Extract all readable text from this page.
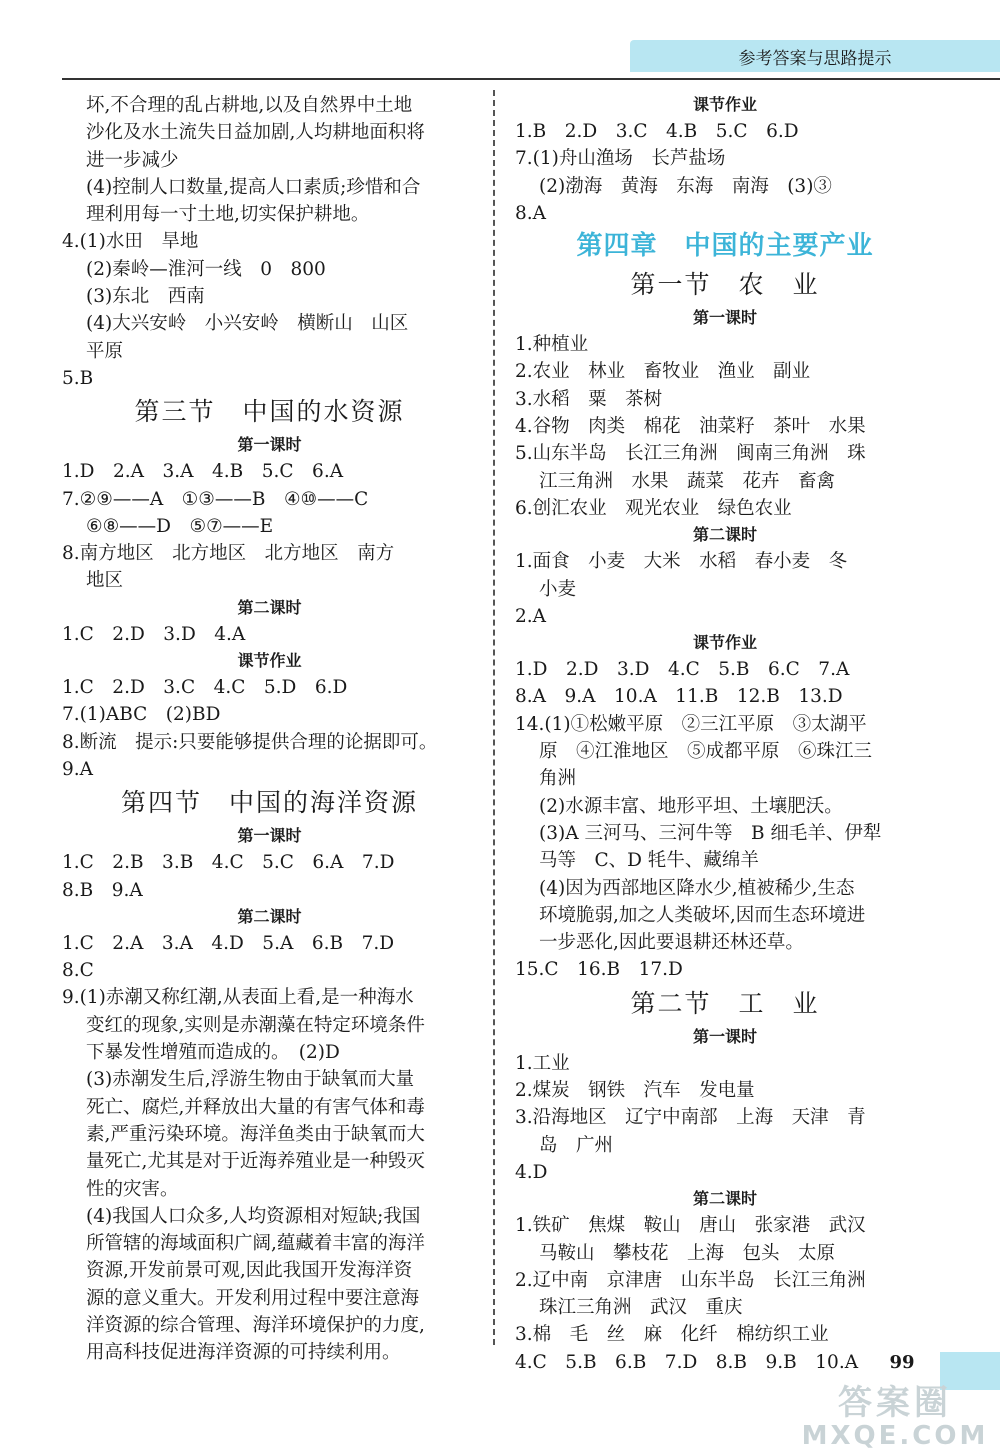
参考答案与思路提示
坏,不合理的乱占耕地,以及自然界中土地
沙化及水土流失日益加剧,人均耕地面积将
进一步减少
(4)控制人口数量,提高人口素质;珍惜和合
理利用每一寸土地,切实保护耕地。
4.(1)水田　旱地
(2)秦岭—淮河一线　0　800
(3)东北　西南
(4)大兴安岭　小兴安岭　横断山　山区
平原
5.B
第三节　中国的水资源
第一课时
1.D　2.A　3.A　4.B　5.C　6.A
7.②⑨——A　①③——B　④⑩——C
⑥⑧——D　⑤⑦——E
8.南方地区　北方地区　北方地区　南方
地区
第二课时
1.C　2.D　3.D　4.A
课节作业
1.C　2.D　3.C　4.C　5.D　6.D
7.(1)ABC　(2)BD
8.断流　提示:只要能够提供合理的论据即可。
9.A
第四节　中国的海洋资源
第一课时
1.C　2.B　3.B　4.C　5.C　6.A　7.D
8.B　9.A
第二课时
1.C　2.A　3.A　4.D　5.A　6.B　7.D
8.C
9.(1)赤潮又称红潮,从表面上看,是一种海水
变红的现象,实则是赤潮藻在特定环境条件
下暴发性增殖而造成的。　(2)D
(3)赤潮发生后,浮游生物由于缺氧而大量
死亡、腐烂,并释放出大量的有害气体和毒
素,严重污染环境。海洋鱼类由于缺氧而大
量死亡,尤其是对于近海养殖业是一种毁灭
性的灾害。
(4)我国人口众多,人均资源相对短缺;我国
所管辖的海域面积广阔,蕴藏着丰富的海洋
资源,开发前景可观,因此我国开发海洋资
源的意义重大。开发利用过程中要注意海
洋资源的综合管理、海洋环境保护的力度,
用高科技促进海洋资源的可持续利用。
课节作业
1.B　2.D　3.C　4.B　5.C　6.D
7.(1)舟山渔场　长芦盐场
(2)渤海　黄海　东海　南海　(3)③
8.A
第四章　中国的主要产业
第一节　农　业
第一课时
1.种植业
2.农业　林业　畜牧业　渔业　副业
3.水稻　粟　茶树
4.谷物　肉类　棉花　油菜籽　茶叶　水果
5.山东半岛　长江三角洲　闽南三角洲　珠
江三角洲　水果　蔬菜　花卉　畜禽
6.创汇农业　观光农业　绿色农业
第二课时
1.面食　小麦　大米　水稻　春小麦　冬
小麦
2.A
课节作业
1.D　2.D　3.D　4.C　5.B　6.C　7.A
8.A　9.A　10.A　11.B　12.B　13.D
14.(1)①松嫩平原　②三江平原　③太湖平
原　④江淮地区　⑤成都平原　⑥珠江三
角洲
(2)水源丰富、地形平坦、土壤肥沃。
(3)A 三河马、三河牛等　B 细毛羊、伊犁
马等　C、D 牦牛、藏绵羊
(4)因为西部地区降水少,植被稀少,生态
环境脆弱,加之人类破坏,因而生态环境进
一步恶化,因此要退耕还林还草。
15.C　16.B　17.D
第二节　工　业
第一课时
1.工业
2.煤炭　钢铁　汽车　发电量
3.沿海地区　辽宁中南部　上海　天津　青
岛　广州
4.D
第二课时
1.铁矿　焦煤　鞍山　唐山　张家港　武汉
马鞍山　攀枝花　上海　包头　太原
2.辽中南　京津唐　山东半岛　长江三角洲
珠江三角洲　武汉　重庆
3.棉　毛　丝　麻　化纤　棉纺织工业
4.C　5.B　6.B　7.D　8.B　9.B　10.A	99
答案圈
MXQE.COM
